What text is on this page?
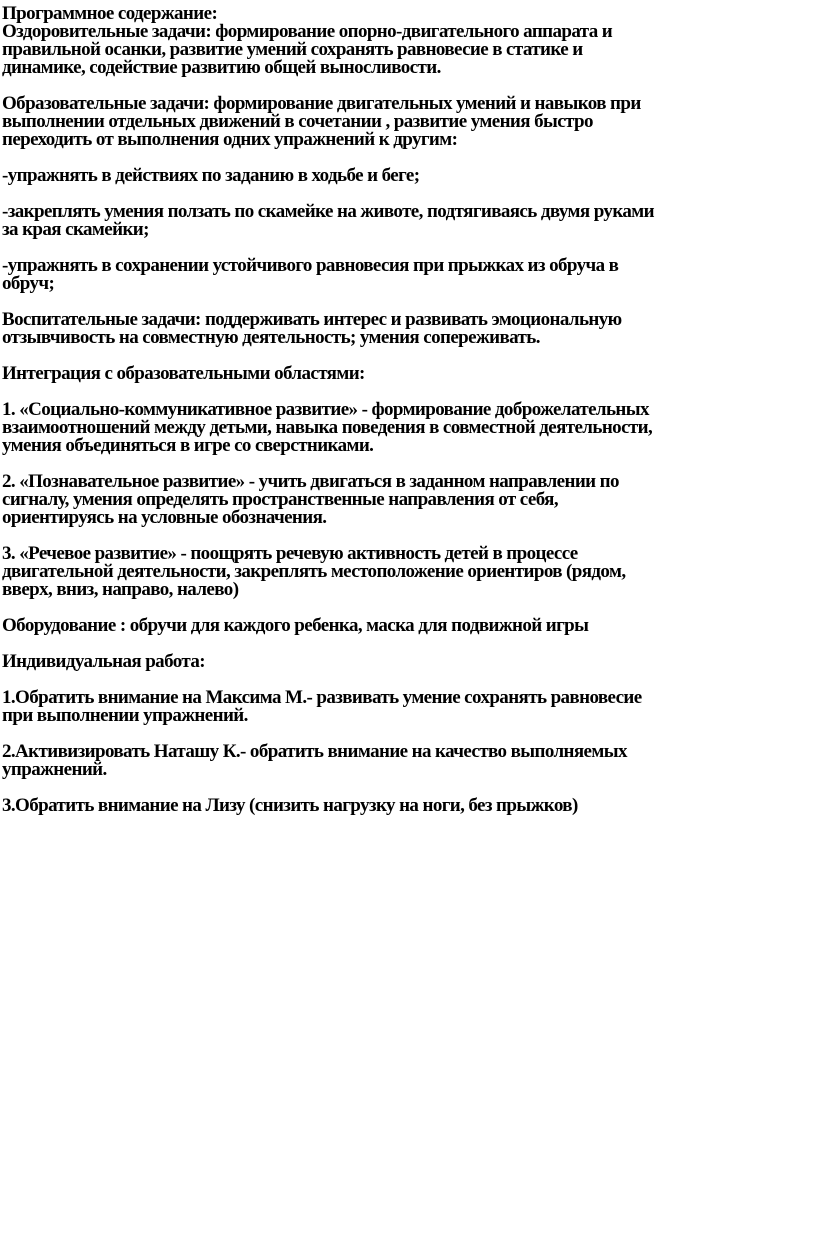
Программное содержание:
Оздоровительные задачи: формирование опорно-двигательного аппарата и
правильной осанки, развитие умений сохранять равновесие в статике и
динамике, содействие развитию общей выносливости.
Образовательные задачи: формирование двигательных умений и навыков при
выполнении отдельных движений в сочетании , развитие умения быстро
переходить от выполнения одних упражнений к другим:
-упражнять в действиях по заданию в ходьбе и беге;
-закреплять умения ползать по скамейке на животе, подтягиваясь двумя руками
за края скамейки;
-упражнять в сохранении устойчивого равновесия при прыжках из обруча в
обруч;
Воспитательные задачи: поддерживать интерес и развивать эмоциональную
отзывчивость на совместную деятельность; умения сопереживать.
Интеграция с образовательными областями:
1. «Социально-коммуникативное развитие» - формирование доброжелательных
взаимоотношений между детьми, навыка поведения в совместной деятельности,
умения объединяться в игре со сверстниками.
2. «Познавательное развитие» - учить двигаться в заданном направлении по
сигналу, умения определять пространственные направления от себя,
ориентируясь на условные обозначения.
3. «Речевое развитие» - поощрять речевую активность детей в процессе
двигательной деятельности, закреплять местоположение ориентиров (рядом,
вверх, вниз, направо, налево)
Оборудование : обручи для каждого ребенка, маска для подвижной игры
Индивидуальная работа:
1.Обратить внимание на Максима М.- развивать умение сохранять равновесие
при выполнении упражнений.
2.Активизировать Наташу К.- обратить внимание на качество выполняемых
упражнений.
3.Обратить внимание на Лизу (снизить нагрузку на ноги, без прыжков)
